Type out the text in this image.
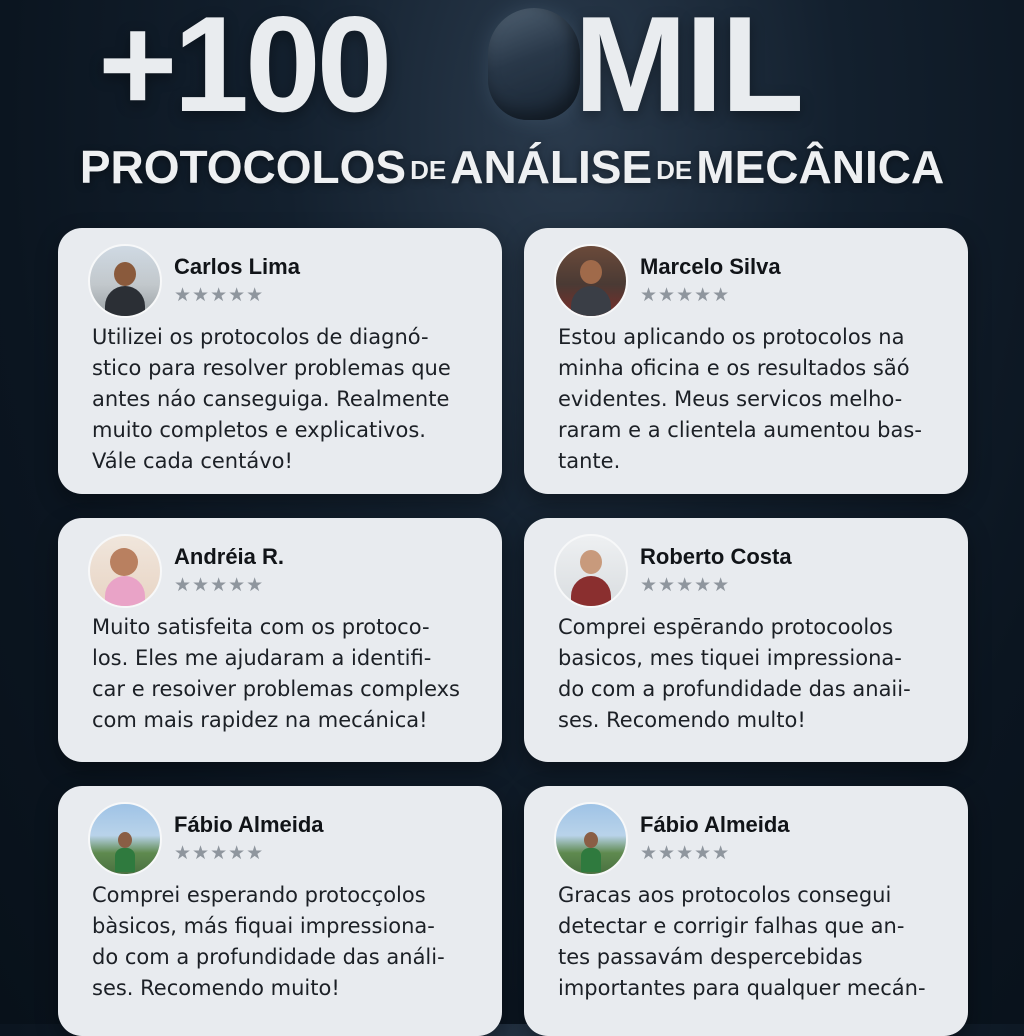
+100 MIL
PROTOCOLOS DEANÁLISE DEMECÂNICA
Carlos Lima
★★★★★
Utilizei os protocolos de diagnó-
stico para resolver problemas que
antes náo canseguiga. Realmente
muito completos e explicativos.
Vále cada centávo!
Marcelo Silva
★★★★★
Estou aplicando os protocolos na
minha oficina e os resultados sãó
evidentes. Meus servicos melho-
raram e a clientela aumentou bas-
tante.
Andréia R.
★★★★★
Muito satisfeita com os protoco-
los. Eles me ajudaram a identifi-
car e resoiver problemas complexs
com mais rapidez na mecánica!
Roberto Costa
★★★★★
Comprei espērando protocoolos
basicos, mes tiquei impressiona-
do com a profundidade das anaii-
ses. Recomendo multo!
Fábio Almeida
★★★★★
Comprei esperando protocçolos
bàsicos, más fiquai impressiona-
do com a profundidade das análi-
ses. Recomendo muito!
Fábio Almeida
★★★★★
Gracas aos protocolos consegui
detectar e corrigir falhas que an-
tes passavám despercebidas
importantes para qualquer mecán-
